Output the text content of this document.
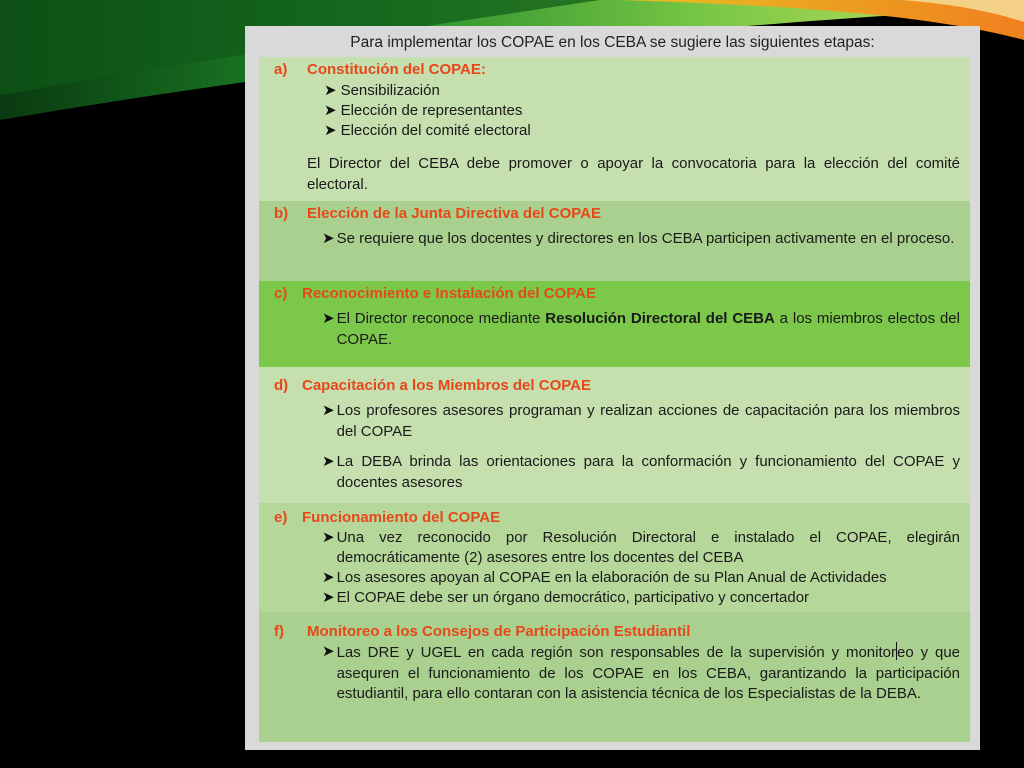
Para implementar los COPAE en los CEBA se sugiere las siguientes etapas:
a)	Constitución del COPAE:
➤ Sensibilización
➤ Elección de representantes
➤ Elección del comité electoral
El Director del CEBA debe promover o apoyar la convocatoria para la elección del comité electoral.
b)	Elección de la Junta Directiva del COPAE
➤ Se requiere que los docentes y directores en los CEBA participen activamente en el proceso.
c) Reconocimiento e Instalación del COPAE
➤ El Director reconoce mediante Resolución Directoral del CEBA a los miembros electos del COPAE.
d) Capacitación a los Miembros del COPAE
➤ Los profesores asesores programan y realizan acciones de capacitación para los miembros del COPAE
➤ La DEBA brinda las orientaciones para la conformación y funcionamiento del COPAE y docentes asesores
e) Funcionamiento del COPAE
➤ Una vez reconocido por Resolución Directoral e instalado el COPAE, elegirán democráticamente (2) asesores entre los docentes del CEBA
➤ Los asesores apoyan al COPAE en la elaboración de su Plan Anual de Actividades
➤ El COPAE debe ser un órgano democrático, participativo y concertador
f)	Monitoreo a los Consejos de Participación Estudiantil
➤ Las DRE y UGEL en cada región son responsables de la supervisión y monitoreo y que asequren el funcionamiento de los COPAE en los CEBA, garantizando la participación estudiantil, para ello contaran con la asistencia técnica de los Especialistas de la DEBA.
